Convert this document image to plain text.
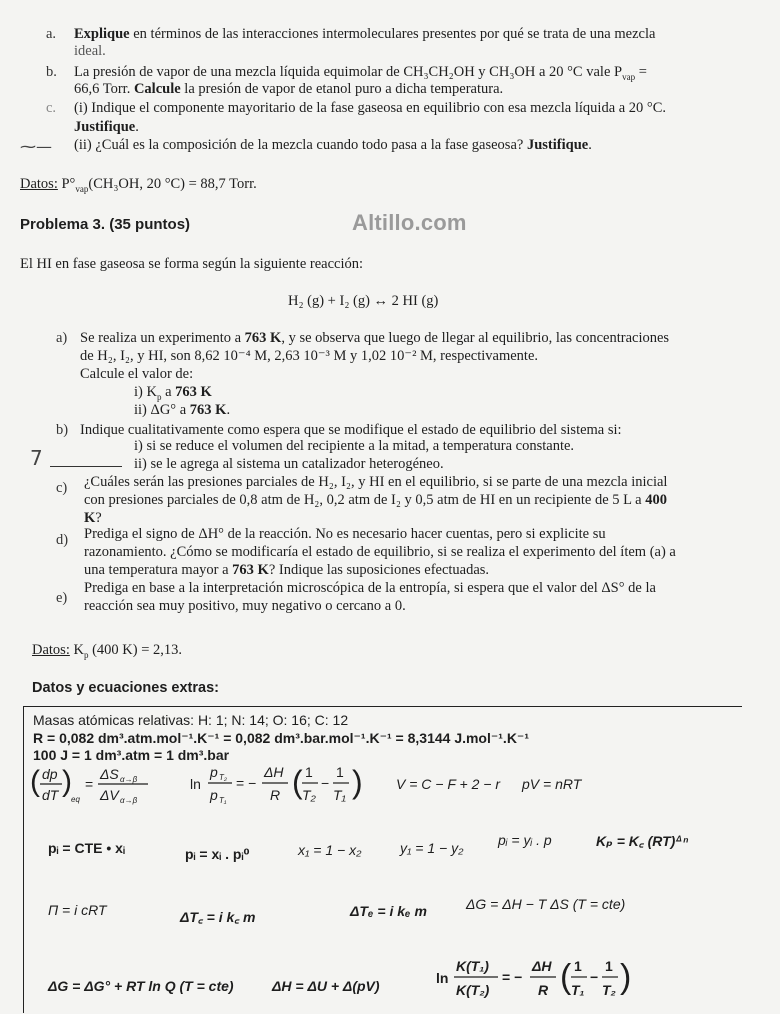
a. Explique en términos de las interacciones intermoleculares presentes por qué se trata de una mezcla
ideal.
b. La presión de vapor de una mezcla líquida equimolar de CH₃CH₂OH y CH₃OH a 20 °C vale $P_{vap}$ =
66,6 Torr. Calcule la presión de vapor de etanol puro a dicha temperatura.
c. (i) Indique el componente mayoritario de la fase gaseosa en equilibrio con esa mezcla líquida a 20 °C.
Justifique.
⁓— (ii) ¿Cuál es la composición de la mezcla cuando todo pasa a la fase gaseosa? Justifique.
Datos: $P^\circ_{vap}(CH_3OH$, 20 °C) = 88,7 Torr.
Altillo.com
Problema 3. (35 puntos)
El HI en fase gaseosa se forma según la siguiente reacción:
H₂ (g) + I₂ (g) ↔ 2 HI (g)
a) Se realiza un experimento a 763 K, y se observa que luego de llegar al equilibrio, las concentraciones
de H₂, I₂, y HI, son 8,62 10⁻⁴ M, 2,63 10⁻³ M y 1,02 10⁻² M, respectivamente.
Calcule el valor de:
i) $K_p$ a 763 K
ii) ΔG° a 763 K.
b) Indique cualitativamente como espera que se modifique el estado de equilibrio del sistema si:
i) si se reduce el volumen del recipiente a la mitad, a temperatura constante.
7	ii) se le agrega al sistema un catalizador heterogéneo.
c) ¿Cuáles serán las presiones parciales de H₂, I₂, y HI en el equilibrio, si se parte de una mezcla inicial
con presiones parciales de 0,8 atm de H₂, 0,2 atm de I₂ y 0,5 atm de HI en un recipiente de 5 L a 400
K?
d) Prediga el signo de ΔH° de la reacción. No es necesario hacer cuentas, pero si explicite su
razonamiento. ¿Cómo se modificaría el estado de equilibrio, si se realiza el experimento del ítem (a) a
una temperatura mayor a 763 K? Indique las suposiciones efectuadas.
e)
Prediga en base a la interpretación microscópica de la entropía, si espera que el valor del ΔS° de la
reacción sea muy positivo, muy negativo o cercano a 0.
Datos: $K_p$ (400 K) = 2,13.
Datos y ecuaciones extras:
Masas atómicas relativas: H: 1; N: 14; O: 16; C: 12
R = 0,082 dm³.atm.mol⁻¹.K⁻¹ = 0,082 dm³.bar.mol⁻¹.K⁻¹ = 8,3144 J.mol⁻¹.K⁻¹
100 J = 1 dm³.atm = 1 dm³.bar
( dp
dT )
eq
=
ΔS α→β
ΔV α→β
ln
p T₂
p T₁
= −
ΔH
R ( 1
T₂
−
1
T₁ ) V = C − F + 2 − r pV = nRT
pᵢ = CTE • xᵢ	pᵢ = xᵢ . pᵢ⁰	x₁ = 1 − x₂	y₁ = 1 − y₂ pᵢ = yᵢ . p	Kₚ = K꜀ (RT)ᐞⁿ
Π = i cRT	ΔT꜀ = i k꜀ m	ΔTₑ = i kₑ m	ΔG = ΔH − T ΔS (T = cte)
ΔG = ΔG° + RT ln Q (T = cte)	ΔH = ΔU + Δ(pV)	ln
K(T₁)
K(T₂)
= −
ΔH
R ( 1
T₁
−
1
T₂ )
